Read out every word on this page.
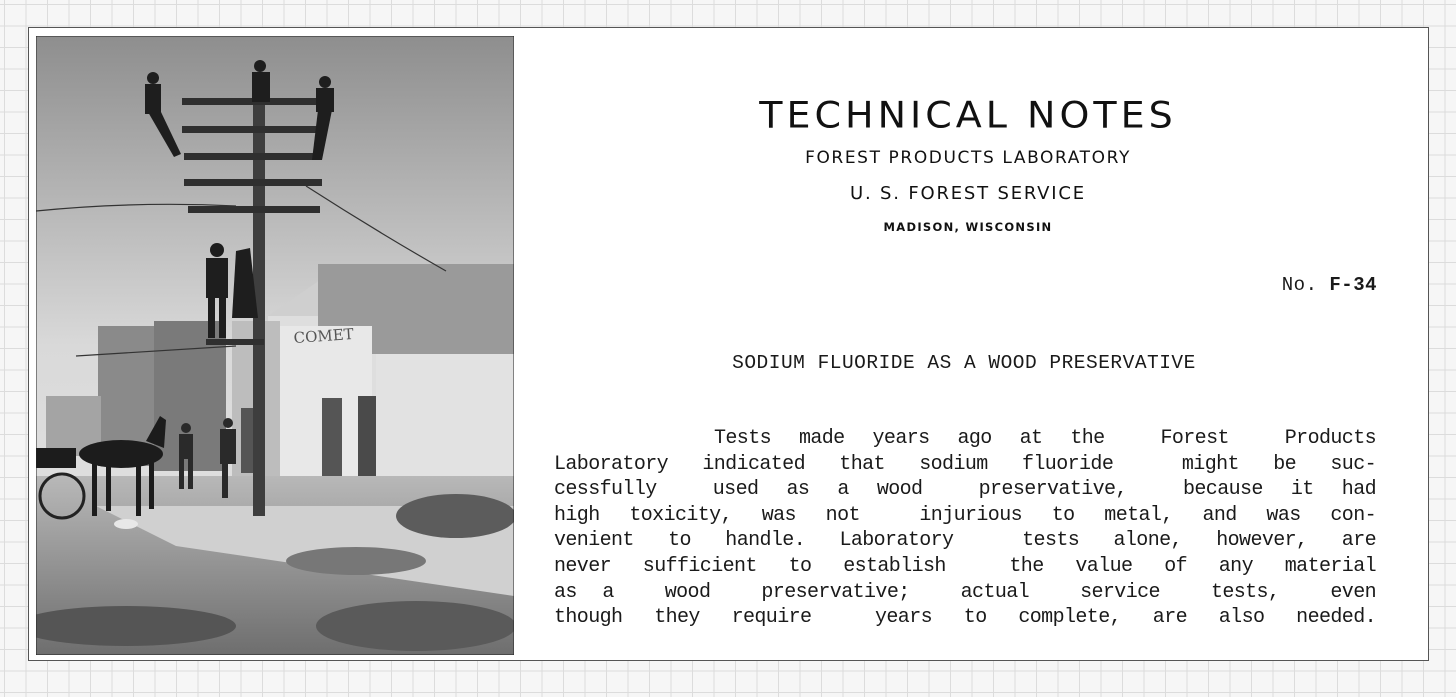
COMET
TECHNICAL NOTES
FOREST PRODUCTS LABORATORY
U. S. FOREST SERVICE
MADISON, WISCONSIN
No. F-34
SODIUM FLUORIDE AS A WOOD PRESERVATIVE
Tests made years ago at the  Forest  Products
Laboratory indicated that sodium fluoride  might be suc-
cessfully  used as a wood  preservative,  because it had
high toxicity, was not  injurious to metal, and was con-
venient to handle. Laboratory  tests alone, however, are
never sufficient to establish  the value of any material
as a  wood  preservative;  actual  service  tests,  even
though they require  years to complete, are also needed.
